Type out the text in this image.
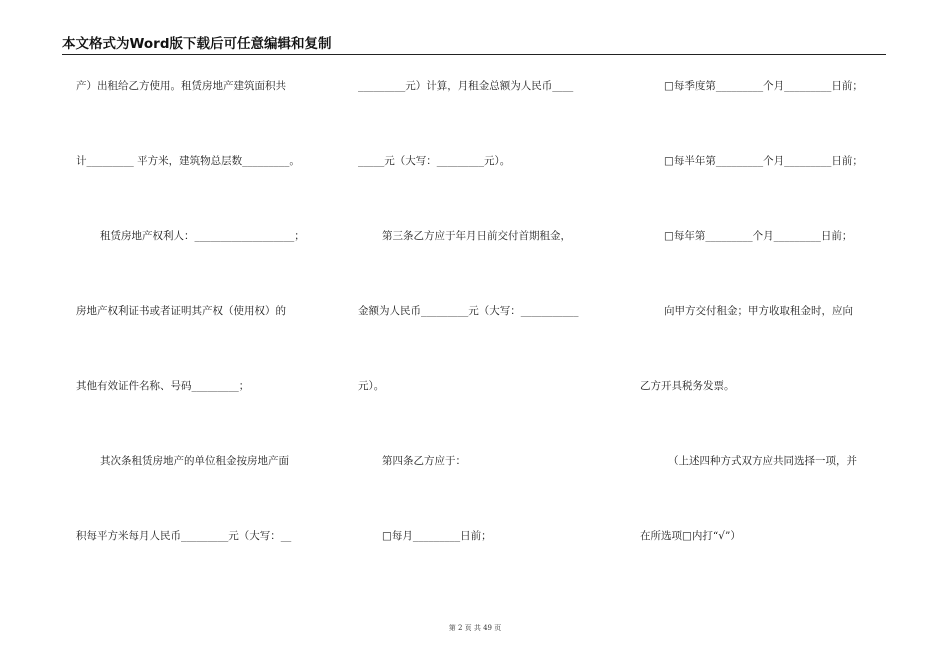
本文格式为Word版下载后可任意编辑和复制
产）出租给乙方使用。租赁房地产建筑面积共
计_________ 平方米，建筑物总层数_________。
租赁房地产权利人：___________________；
房地产权利证书或者证明其产权（使用权）的
其他有效证件名称、号码_________；
其次条租赁房地产的单位租金按房地产面
积每平方米每月人民币_________元（大写：__
_________元）计算，月租金总额为人民币____
_____元（大写：_________元）。
第三条乙方应于年月日前交付首期租金，
金额为人民币_________元（大写：___________
元）。
第四条乙方应于：
□每月_________日前；
□每季度第_________个月_________日前；
□每半年第_________个月_________日前；
□每年第_________个月_________日前；
向甲方交付租金；甲方收取租金时，应向
乙方开具税务发票。
（上述四种方式双方应共同选择一项，并
在所选项□内打“√”）
第 2 页 共 49 页
